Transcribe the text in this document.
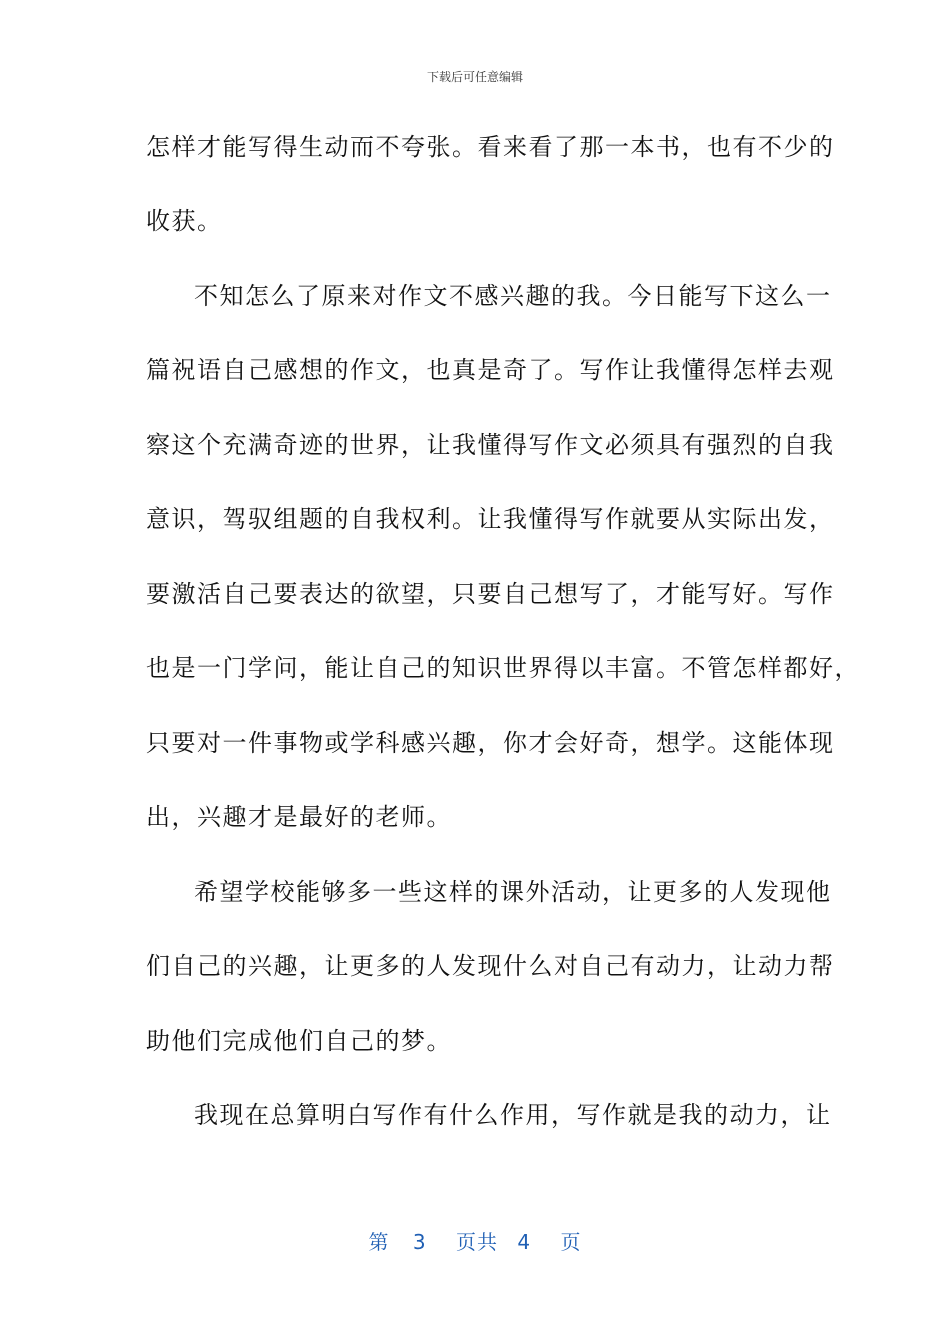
下载后可任意编辑
怎样才能写得生动而不夸张。看来看了那一本书，也有不少的
收获。
不知怎么了原来对作文不感兴趣的我。今日能写下这么一
篇祝语自己感想的作文，也真是奇了。写作让我懂得怎样去观
察这个充满奇迹的世界，让我懂得写作文必须具有强烈的自我
意识，驾驭组题的自我权利。让我懂得写作就要从实际出发，
要激活自己要表达的欲望，只要自己想写了，才能写好。写作
也是一门学问，能让自己的知识世界得以丰富。不管怎样都好，
只要对一件事物或学科感兴趣，你才会好奇，想学。这能体现
出，兴趣才是最好的老师。
希望学校能够多一些这样的课外活动，让更多的人发现他
们自己的兴趣，让更多的人发现什么对自己有动力，让动力帮
助他们完成他们自己的梦。
我现在总算明白写作有什么作用，写作就是我的动力，让
第 3 页共 4 页
